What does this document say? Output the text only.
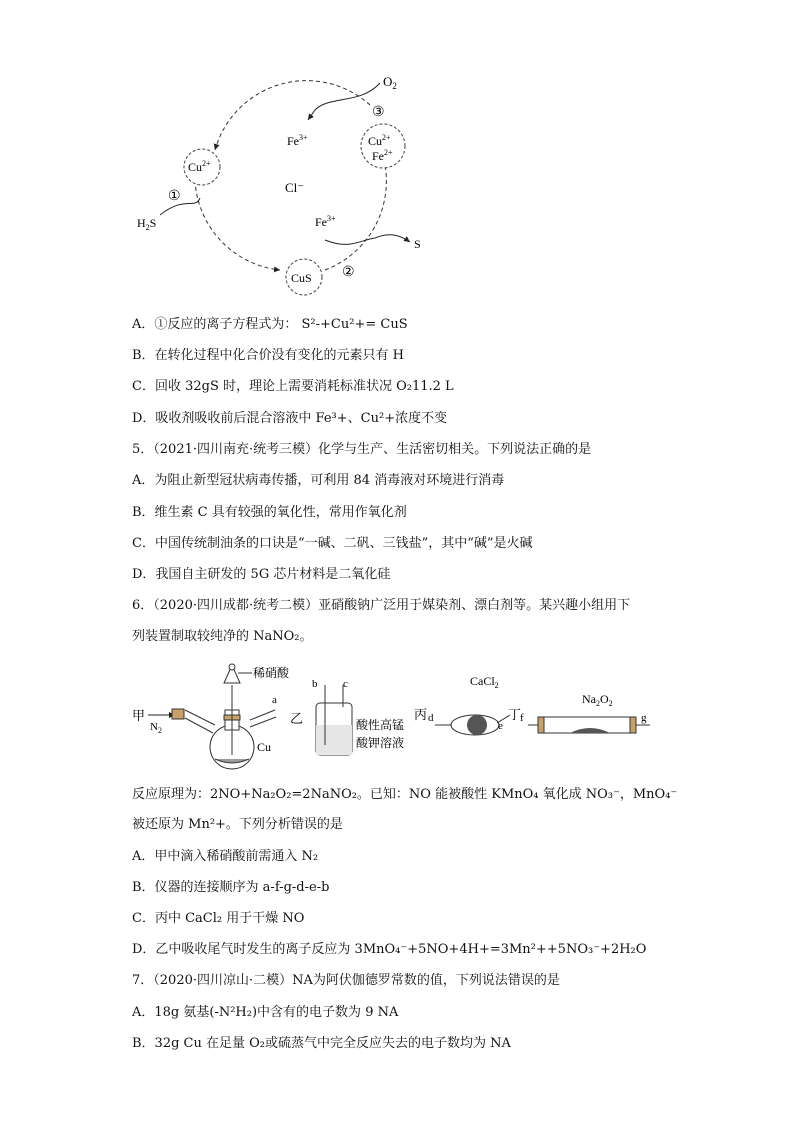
$O_2$
③
$Fe^{3+}$	$Cu^{2+}$
$Fe^{2+}$
$Cu^{2+}$
Cl⁻
①
$H_2S$	$Fe^{3+}$
S
CuS ②
A．①反应的离子方程式为： S²-+Cu²+= CuS
B．在转化过程中化合价没有变化的元素只有 H
C．回收 32gS 时，理论上需要消耗标准状况 O₂11.2 L
D．吸收剂吸收前后混合溶液中 Fe³+、Cu²+浓度不变
5．（2021·四川南充·统考三模）化学与生产、生活密切相关。下列说法正确的是
A．为阻止新型冠状病毒传播，可利用 84 消毒液对环境进行消毒
B．维生素 C 具有较强的氧化性，常用作氧化剂
C．中国传统制油条的口诀是“一碱、二矾、三钱盐”，其中“碱”是火碱
D．我国自主研发的 5G 芯片材料是二氧化硅
6．（2020·四川成都·统考二模）亚硝酸钠广泛用于媒染剂、漂白剂等。某兴趣小组用下
列装置制取较纯净的 NaNO₂。
甲
$N_2$
稀硝酸
a
Cu
乙
b c
酸性高锰
酸钾溶液
丙 d
CaCl$_2$
e
丁
f
$Na_2O_2$
g
反应原理为：2NO+Na₂O₂=2NaNO₂。已知：NO 能被酸性 KMnO₄ 氧化成 NO₃⁻，MnO₄⁻
被还原为 Mn²+。下列分析错误的是
A．甲中滴入稀硝酸前需通入 N₂
B．仪器的连接顺序为 a-f-g-d-e-b
C．丙中 CaCl₂ 用于干燥 NO
D．乙中吸收尾气时发生的离子反应为 3MnO₄⁻+5NO+4H+=3Mn²++5NO₃⁻+2H₂O
7．（2020·四川凉山·二模）NA为阿伏伽德罗常数的值，下列说法错误的是
A．18g 氨基(-N²H₂)中含有的电子数为 9 NA
B．32g Cu 在足量 O₂或硫蒸气中完全反应失去的电子数均为 NA
